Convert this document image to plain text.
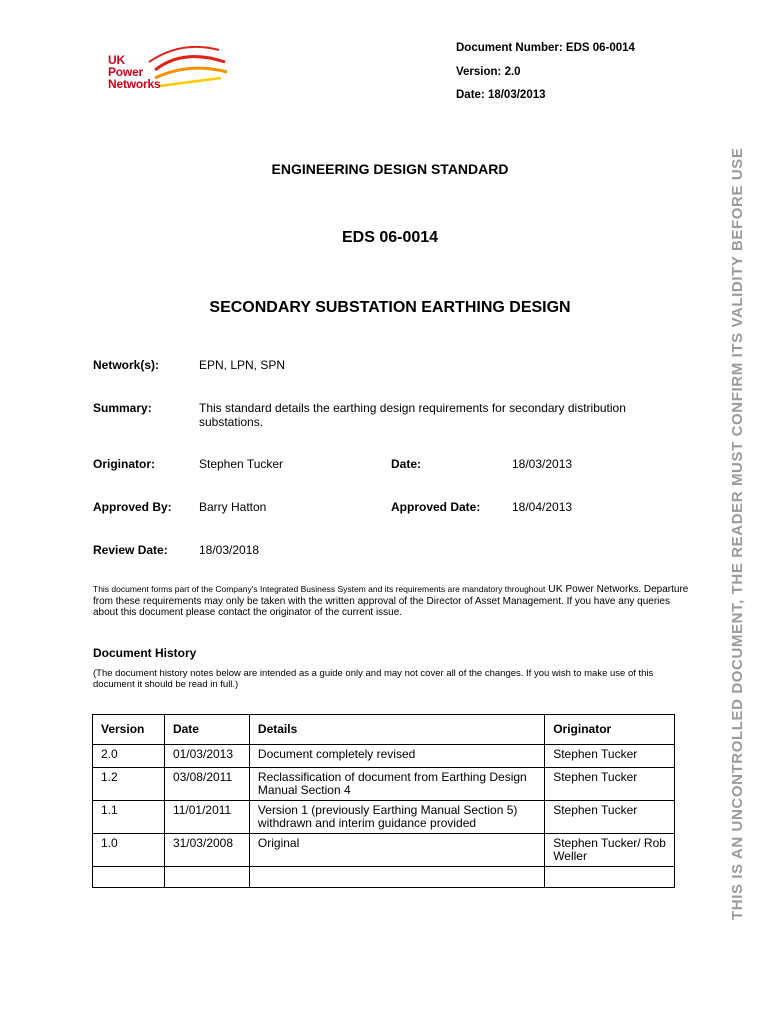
UK
Power
Networks
Document Number: EDS 06-0014
Version: 2.0
Date: 18/03/2013
ENGINEERING DESIGN STANDARD
EDS 06-0014
SECONDARY SUBSTATION EARTHING DESIGN
Network(s):	EPN, LPN, SPN
Summary:	This standard details the earthing design requirements for secondary distribution
substations.
Originator:	Stephen Tucker	Date:	18/03/2013
Approved By: Barry Hatton	Approved Date:	18/04/2013
Review Date:	18/03/2018
This document forms part of the Company's Integrated Business System and its requirements are mandatory throughout UK Power Networks. Departure from these requirements may only be taken with the written approval of the Director of Asset Management. If you have any queries about this document please contact the originator of the current issue.
Document History
(The document history notes below are intended as a guide only and may not cover all of the changes. If you wish to make use of this document it should be read in full.)
Version	Date	Details	Originator
2.0	01/03/2013	Document completely revised	Stephen Tucker
1.2	03/08/2011	Reclassification of document from Earthing Design Manual Section 4	Stephen Tucker
1.1	11/01/2011	Version 1 (previously Earthing Manual Section 5) withdrawn and interim guidance provided	Stephen Tucker
1.0	31/03/2008	Original	Stephen Tucker/ Rob Weller
				THIS IS AN UNCONTROLLED DOCUMENT, THE READER MUST CONFIRM ITS VALIDITY BEFORE USE
